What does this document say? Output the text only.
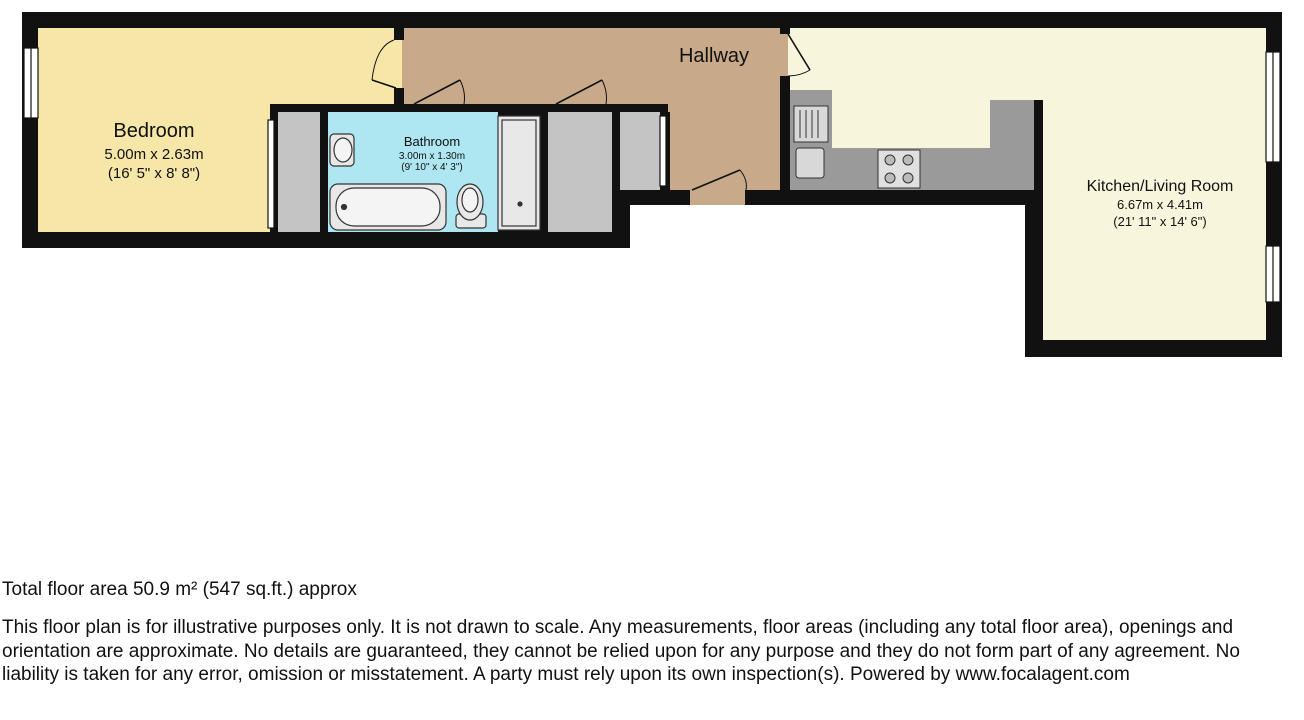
Bedroom
5.00m x 2.63m
(16' 5" x 8' 8")
Bathroom
3.00m x 1.30m
(9' 10" x 4' 3")
Hallway
Kitchen/Living Room
6.67m x 4.41m
(21' 11" x 14' 6")
Total floor area 50.9 m² (547 sq.ft.) approx
This floor plan is for illustrative purposes only. It is not drawn to scale. Any measurements, floor areas (including any total floor area), openings and orientation are approximate. No details are guaranteed, they cannot be relied upon for any purpose and they do not form part of any agreement. No liability is taken for any error, omission or misstatement. A party must rely upon its own inspection(s). Powered by www.focalagent.com
